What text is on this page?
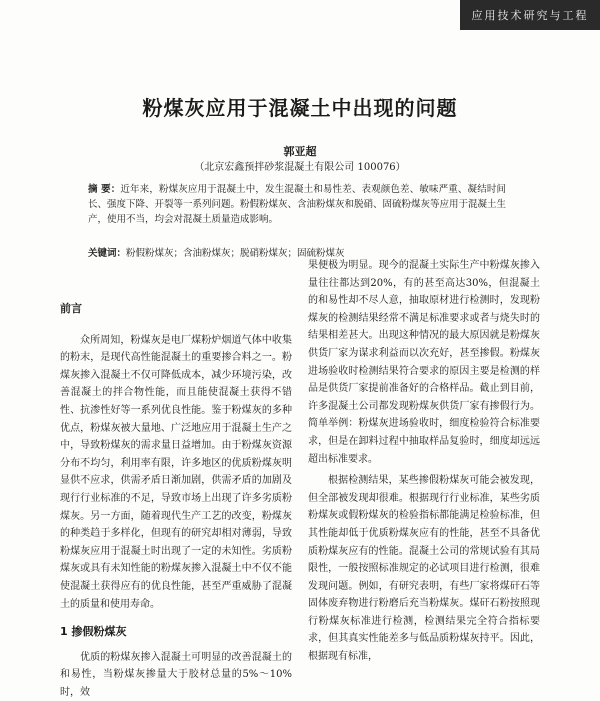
应用技术研究与工程
粉煤灰应用于混凝土中出现的问题
郭亚超
（北京宏鑫预拌砂浆混凝土有限公司 100076）

摘 要：近年来，粉煤灰应用于混凝土中，发生混凝土和易性差、表观颜色差、敏味严重、凝结时间长、强度下降、开裂等一系列问题。粉假粉煤灰、含油粉煤灰和脱硝、固硫粉煤灰等应用于混凝土生产，使用不当，均会对混凝土质量造成影响。

关键词：粉假粉煤灰；含油粉煤灰；脱硝粉煤灰；固硫粉煤灰

前言

众所周知，粉煤灰是电厂煤粉炉烟道气体中收集的粉末，是现代高性能混凝土的重要掺合料之一。粉煤灰掺入混凝土不仅可降低成本，减少环境污染，改善混凝土的拌合物性能，而且能使混凝土获得不错性、抗渗性好等一系列优良性能。鉴于粉煤灰的多种优点，粉煤灰被大量地、广泛地应用于混凝土生产之中，导致粉煤灰的需求量日益增加。由于粉煤灰资源分布不均匀，利用率有限，许多地区的优质粉煤灰明显供不应求，供需矛盾日渐加剧，供需矛盾的加剧及现行行业标准的不足，导致市场上出现了许多劣质粉煤灰。另一方面，随着现代生产工艺的改变，粉煤灰的种类趋于多样化，但现有的研究却相对薄弱，导致粉煤灰应用于混凝土时出现了一定的未知性。劣质粉煤灰或具有未知性能的粉煤灰掺入混凝土中不仅不能使混凝土获得应有的优良性能，甚至严重威胁了混凝土的质量和使用寿命。

1 掺假粉煤灰

优质的粉煤灰掺入混凝土可明显的改善混凝土的和易性，当粉煤灰掺量大于胶材总量的5%～10%时，效

果便极为明显。现今的混凝土实际生产中粉煤灰掺入量往往都达到20%，有的甚至高达30%，但混凝土的和易性却不尽人意，抽取原材进行检测时，发现粉煤灰的检测结果经常不满足标准要求或者与烧失时的结果相差甚大。出现这种情况的最大原因就是粉煤灰供货厂家为谋求利益而以次充好，甚至掺假。粉煤灰进场验收时检测结果符合要求的原因主要是检测的样品是供货厂家提前准备好的合格样品。截止到目前，许多混凝土公司都发现粉煤灰供货厂家有掺假行为。简单举例：粉煤灰进场验收时，细度检验符合标准要求，但是在卸料过程中抽取样品复验时，细度却远远超出标准要求。

根据检测结果，某些掺假粉煤灰可能会被发现，但全部被发现却很难。根据现行行业标准，某些劣质粉煤灰或假粉煤灰的检验指标都能满足检验标准，但其性能却低于优质粉煤灰应有的性能，甚至不具备优质粉煤灰应有的性能。混凝土公司的常规试验有其局限性，一般按照标准规定的必试项目进行检测，很难发现问题。例如，有研究表明，有些厂家将煤矸石等固体废弃物进行粉磨后充当粉煤灰。煤矸石粉按照现行粉煤灰标准进行检测，检测结果完全符合指标要求，但其真实性能差多与低品质粉煤灰持平。因此，根据现有标准，
